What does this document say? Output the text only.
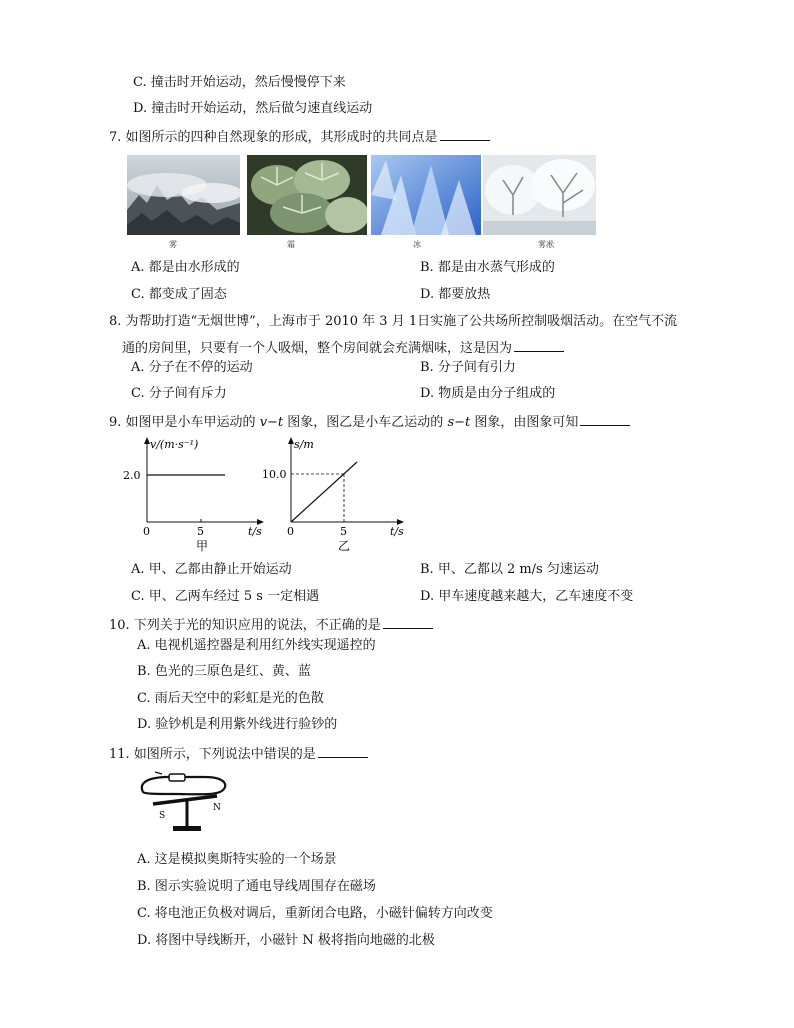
C. 撞击时开始运动，然后慢慢停下来
D. 撞击时开始运动，然后做匀速直线运动
7. 如图所示的四种自然现象的形成，其形成时的共同点是
雾	霜	冰	雾凇
A. 都是由水形成的	B. 都是由水蒸气形成的
C. 都变成了固态	D. 都要放热
8. 为帮助打造“无烟世博”，上海市于 2010 年 3 月 1日实施了公共场所控制吸烟活动。在空气不流
通的房间里，只要有一个人吸烟，整个房间就会充满烟味，这是因为
A. 分子在不停的运动	B. 分子间有引力
C. 分子间有斥力	D. 物质是由分子组成的
9. 如图甲是小车甲运动的 v−t 图象，图乙是小车乙运动的 s−t 图象，由图象可知
v/(m·s⁻¹)
2.0
0	5	t/s
甲
s/m
10.0
0	5	t/s
乙
A. 甲、乙都由静止开始运动	B. 甲、乙都以 2 m/s 匀速运动
C. 甲、乙两车经过 5 s 一定相遇	D. 甲车速度越来越大，乙车速度不变
10. 下列关于光的知识应用的说法，不正确的是
A. 电视机遥控器是利用红外线实现遥控的
B. 色光的三原色是红、黄、蓝
C. 雨后天空中的彩虹是光的色散
D. 验钞机是利用紫外线进行验钞的
11. 如图所示，下列说法中错误的是
S
N
A. 这是模拟奥斯特实验的一个场景
B. 图示实验说明了通电导线周围存在磁场
C. 将电池正负极对调后，重新闭合电路，小磁针偏转方向改变
D. 将图中导线断开，小磁针 N 极将指向地磁的北极
